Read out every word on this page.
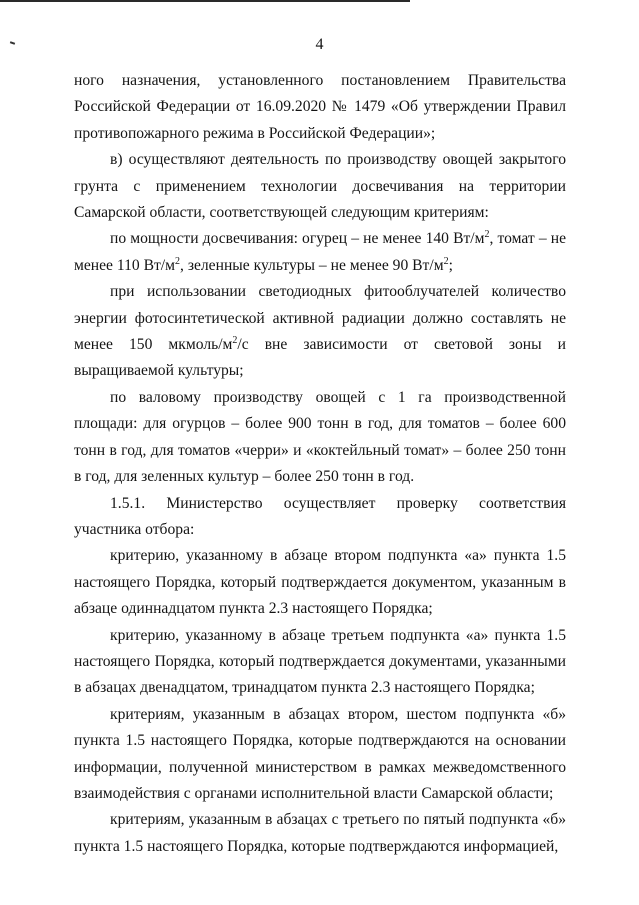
4

ного назначения, установленного постановлением Правительства Российской Федерации от 16.09.2020 № 1479 «Об утверждении Правил противопожарного режима в Российской Федерации»;

в) осуществляют деятельность по производству овощей закрытого грунта с применением технологии досвечивания на территории Самарской области, соответствующей следующим критериям:

по мощности досвечивания: огурец – не менее 140 $Вт/м^2$, томат – не менее 110 $Вт/м^2$, зеленные культуры – не менее 90 $Вт/м^2$;

при использовании светодиодных фитооблучателей количество энергии фотосинтетической активной радиации должно составлять не менее 150 мкмоль/$м^2/с$ вне зависимости от световой зоны и выращиваемой культуры;

по валовому производству овощей с 1 га производственной площади: для огурцов – более 900 тонн в год, для томатов – более 600 тонн в год, для томатов «черри» и «коктейльный томат» – более 250 тонн в год, для зеленных культур – более 250 тонн в год.

1.5.1. Министерство осуществляет проверку соответствия участника отбора:

критерию, указанному в абзаце втором подпункта «а» пункта 1.5 настоящего Порядка, который подтверждается документом, указанным в абзаце одиннадцатом пункта 2.3 настоящего Порядка;

критерию, указанному в абзаце третьем подпункта «а» пункта 1.5 настоящего Порядка, который подтверждается документами, указанными в абзацах двенадцатом, тринадцатом пункта 2.3 настоящего Порядка;

критериям, указанным в абзацах втором, шестом подпункта «б» пункта 1.5 настоящего Порядка, которые подтверждаются на основании информации, полученной министерством в рамках межведомственного взаимодействия с органами исполнительной власти Самарской области;

критериям, указанным в абзацах с третьего по пятый подпункта «б» пункта 1.5 настоящего Порядка, которые подтверждаются информацией,
